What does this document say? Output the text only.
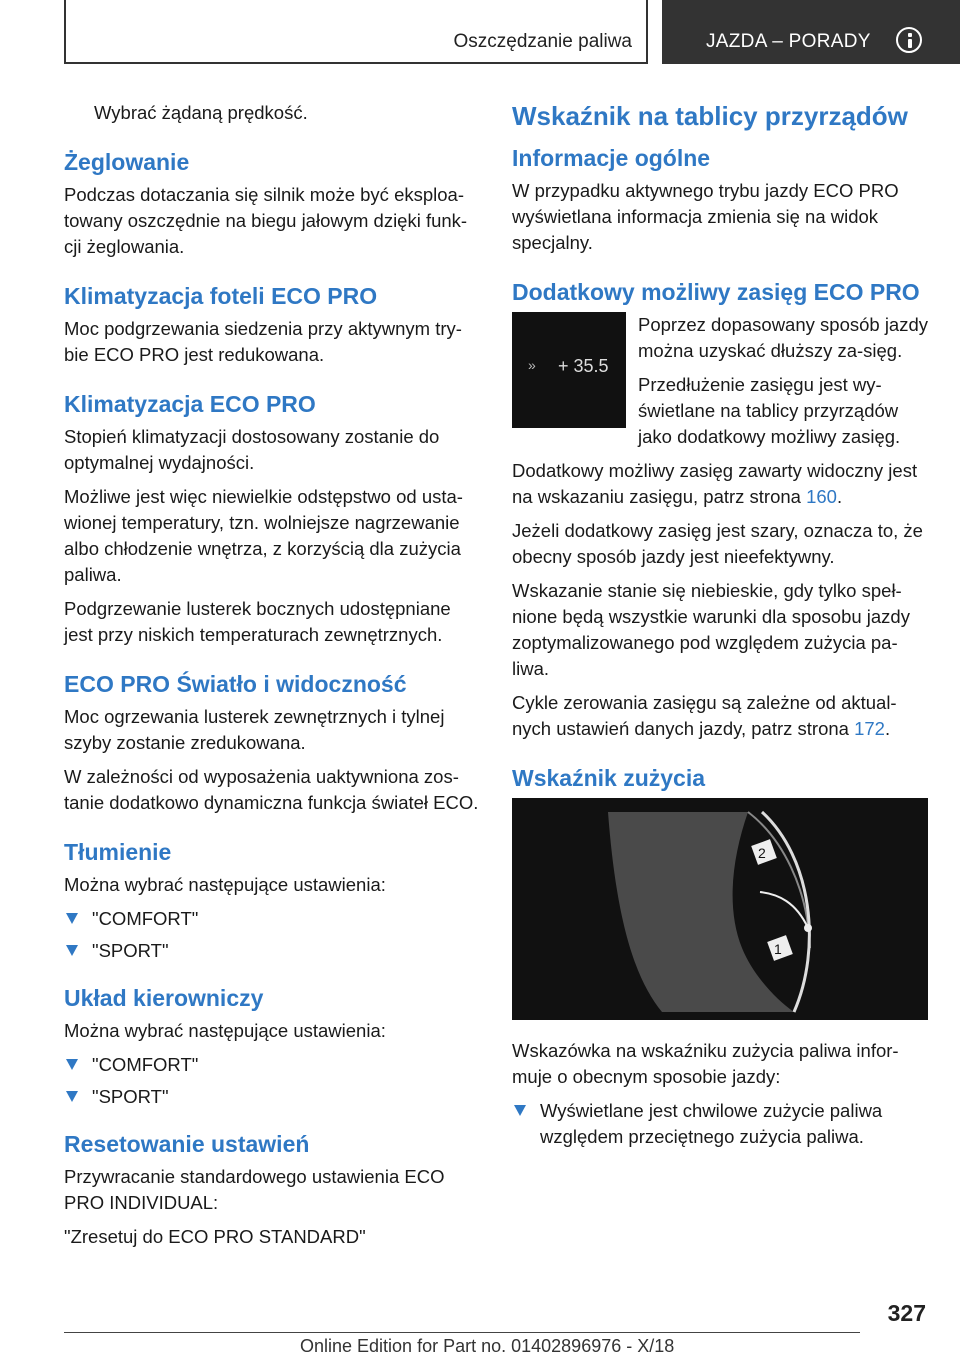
Oszczędzanie paliwa	JAZDA – PORADY

Wybrać żądaną prędkość.

Żeglowanie

Podczas dotaczania się silnik może być eksploa-towany oszczędnie na biegu jałowym dzięki funk-cji żeglowania.

Klimatyzacja foteli ECO PRO

Moc podgrzewania siedzenia przy aktywnym try-bie ECO PRO jest redukowana.

Klimatyzacja ECO PRO

Stopień klimatyzacji dostosowany zostanie do optymalnej wydajności.

Możliwe jest więc niewielkie odstępstwo od usta-wionej temperatury, tzn. wolniejsze nagrzewanie albo chłodzenie wnętrza, z korzyścią dla zużycia paliwa.

Podgrzewanie lusterek bocznych udostępniane jest przy niskich temperaturach zewnętrznych.

ECO PRO Światło i widoczność

Moc ogrzewania lusterek zewnętrznych i tylnej szyby zostanie zredukowana.

W zależności od wyposażenia uaktywniona zos-tanie dodatkowo dynamiczna funkcja świateł ECO.

Tłumienie

Można wybrać następujące ustawienia:

"COMFORT"
"SPORT"
Układ kierowniczy

Można wybrać następujące ustawienia:

"COMFORT"
"SPORT"
Resetowanie ustawień

Przywracanie standardowego ustawienia ECO PRO INDIVIDUAL:

"Zresetuj do ECO PRO STANDARD"

Wskaźnik na tablicy przyrządów
Informacje ogólne

W przypadku aktywnego trybu jazdy ECO PRO wyświetlana informacja zmienia się na widok specjalny.

Dodatkowy możliwy zasięg ECO PRO
» + 35.5

Poprzez dopasowany sposób jazdy można uzyskać dłuższy za-sięg.

Przedłużenie zasięgu jest wy-świetlane na tablicy przyrządów jako dodatkowy możliwy zasięg.

Dodatkowy możliwy zasięg zawarty widoczny jest na wskazaniu zasięgu, patrz strona 160.

Jeżeli dodatkowy zasięg jest szary, oznacza to, że obecny sposób jazdy jest nieefektywny.

Wskazanie stanie się niebieskie, gdy tylko speł-nione będą wszystkie warunki dla sposobu jazdy zoptymalizowanego pod względem zużycia pa-liwa.

Cykle zerowania zasięgu są zależne od aktual-nych ustawień danych jazdy, patrz strona 172.

Wskaźnik zużycia
2
1

Wskazówka na wskaźniku zużycia paliwa infor-muje o obecnym sposobie jazdy:

Wyświetlane jest chwilowe zużycie paliwa względem przeciętnego zużycia paliwa.
327
Online Edition for Part no. 01402896976 - X/18
